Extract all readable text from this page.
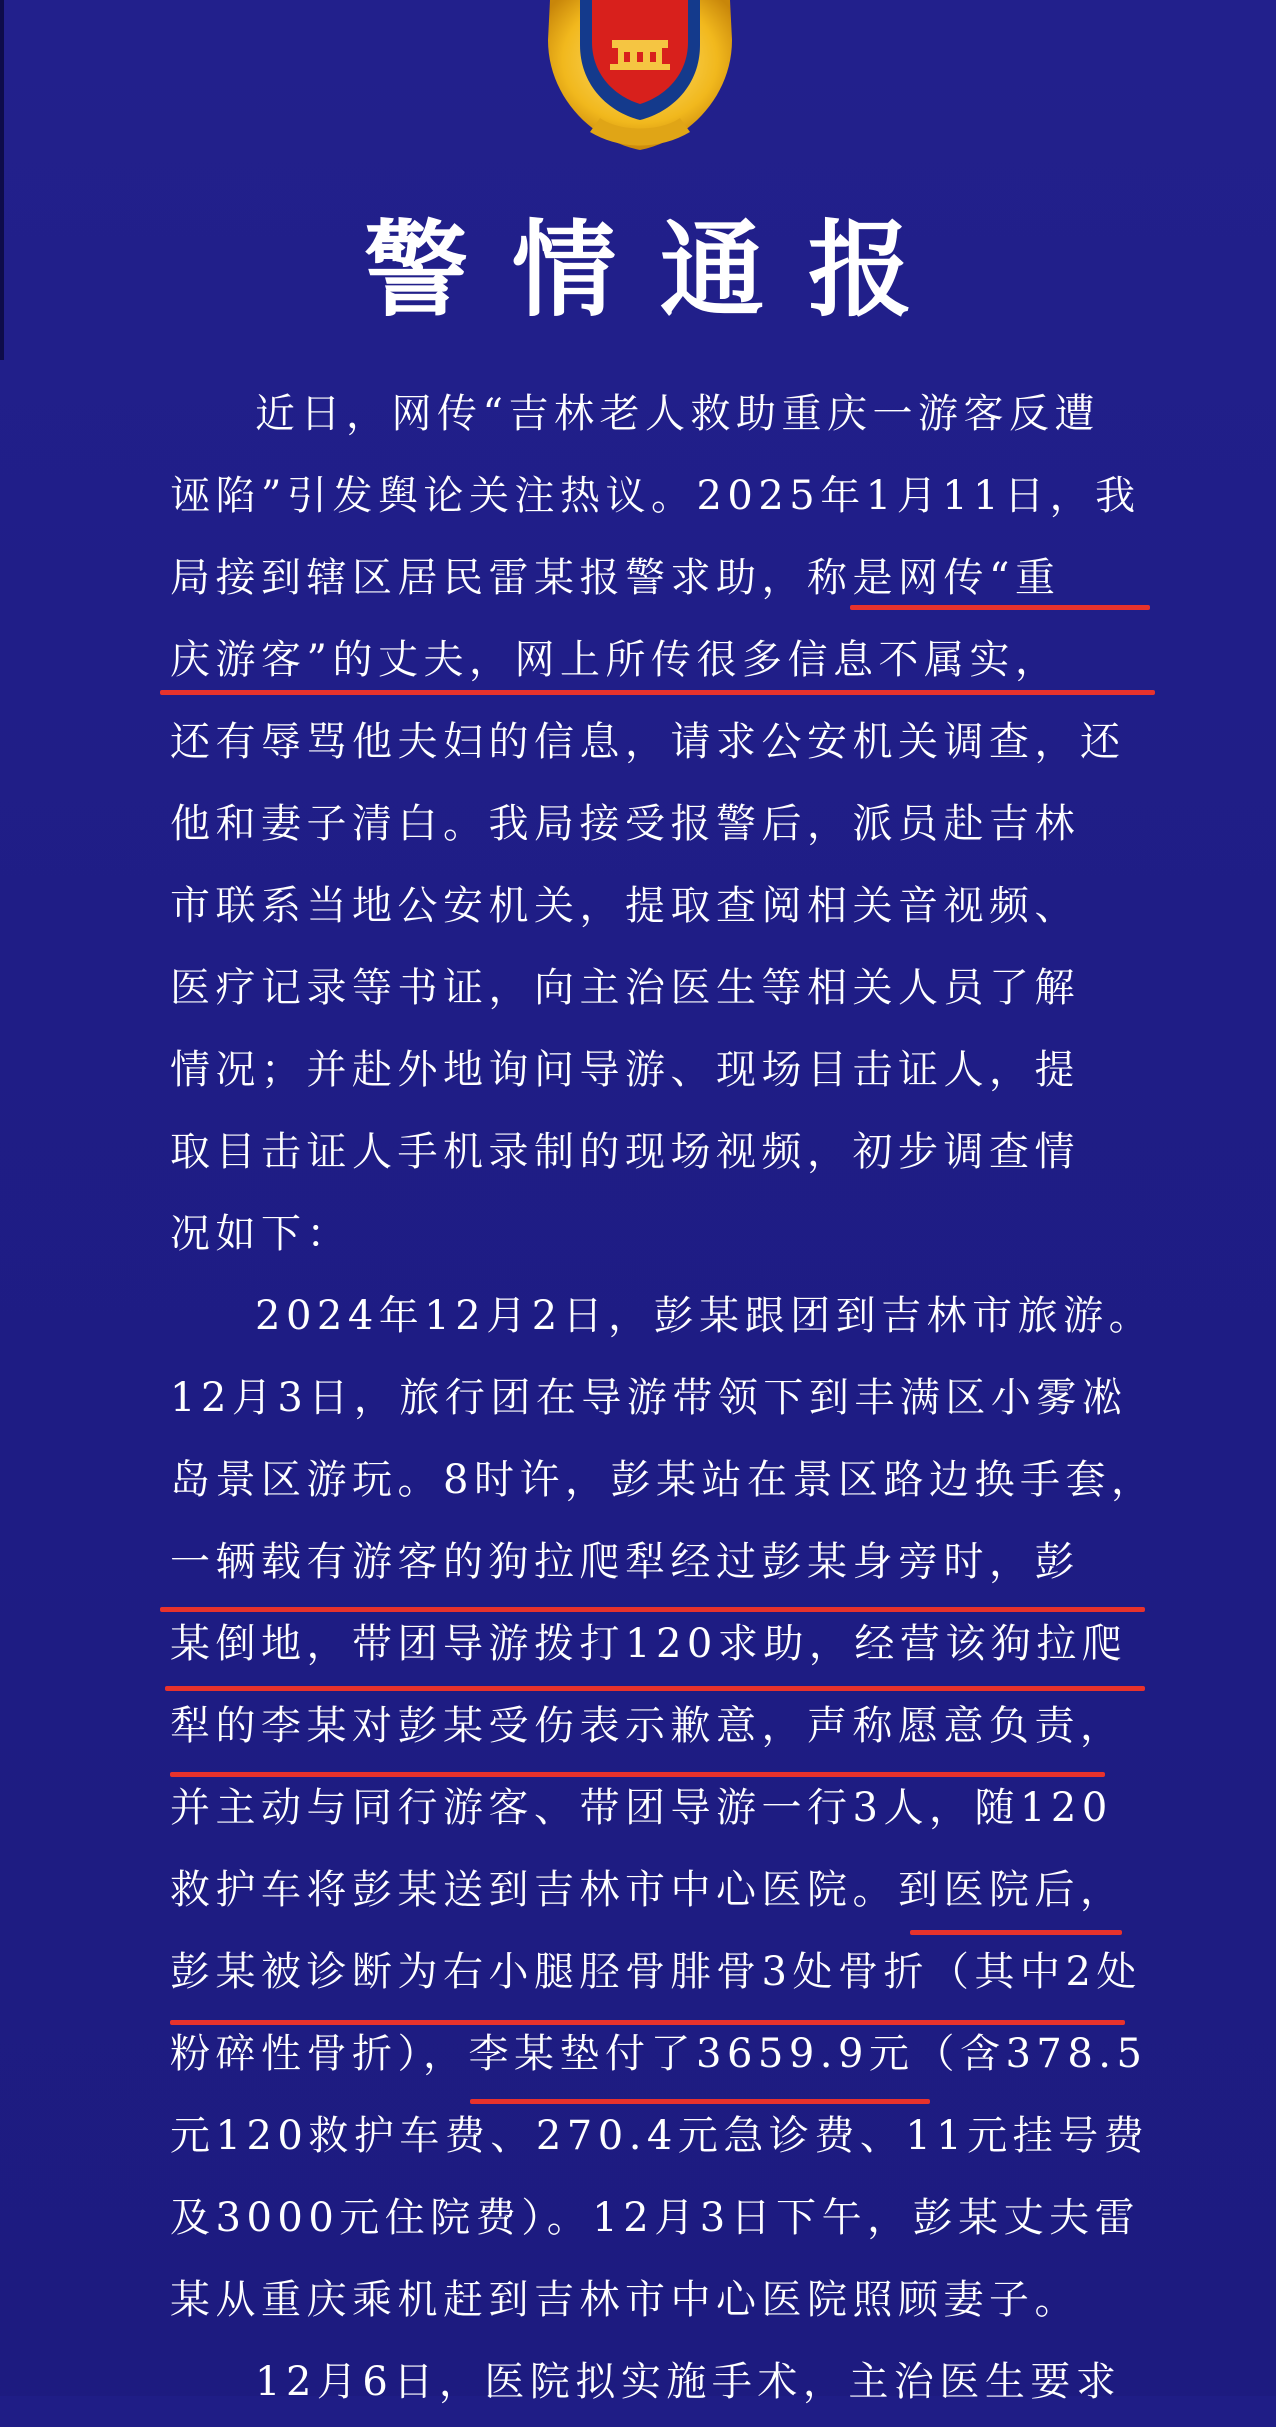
警情通报
近日，网传“吉林老人救助重庆一游客反遭
诬陷”引发舆论关注热议。2025年1月11日，我
局接到辖区居民雷某报警求助，称是网传“重
庆游客”的丈夫，网上所传很多信息不属实，
还有辱骂他夫妇的信息，请求公安机关调查，还
他和妻子清白。我局接受报警后，派员赴吉林
市联系当地公安机关，提取查阅相关音视频、
医疗记录等书证，向主治医生等相关人员了解
情况；并赴外地询问导游、现场目击证人，提
取目击证人手机录制的现场视频，初步调查情
况如下：
2024年12月2日，彭某跟团到吉林市旅游。
12月3日，旅行团在导游带领下到丰满区小雾凇
岛景区游玩。8时许，彭某站在景区路边换手套，
一辆载有游客的狗拉爬犁经过彭某身旁时，彭
某倒地，带团导游拨打120求助，经营该狗拉爬
犁的李某对彭某受伤表示歉意，声称愿意负责，
并主动与同行游客、带团导游一行3人，随120
救护车将彭某送到吉林市中心医院。到医院后，
彭某被诊断为右小腿胫骨腓骨3处骨折（其中2处
粉碎性骨折），李某垫付了3659.9元（含378.5
元120救护车费、270.4元急诊费、11元挂号费
及3000元住院费）。12月3日下午，彭某丈夫雷
某从重庆乘机赶到吉林市中心医院照顾妻子。
12月6日，医院拟实施手术，主治医生要求
